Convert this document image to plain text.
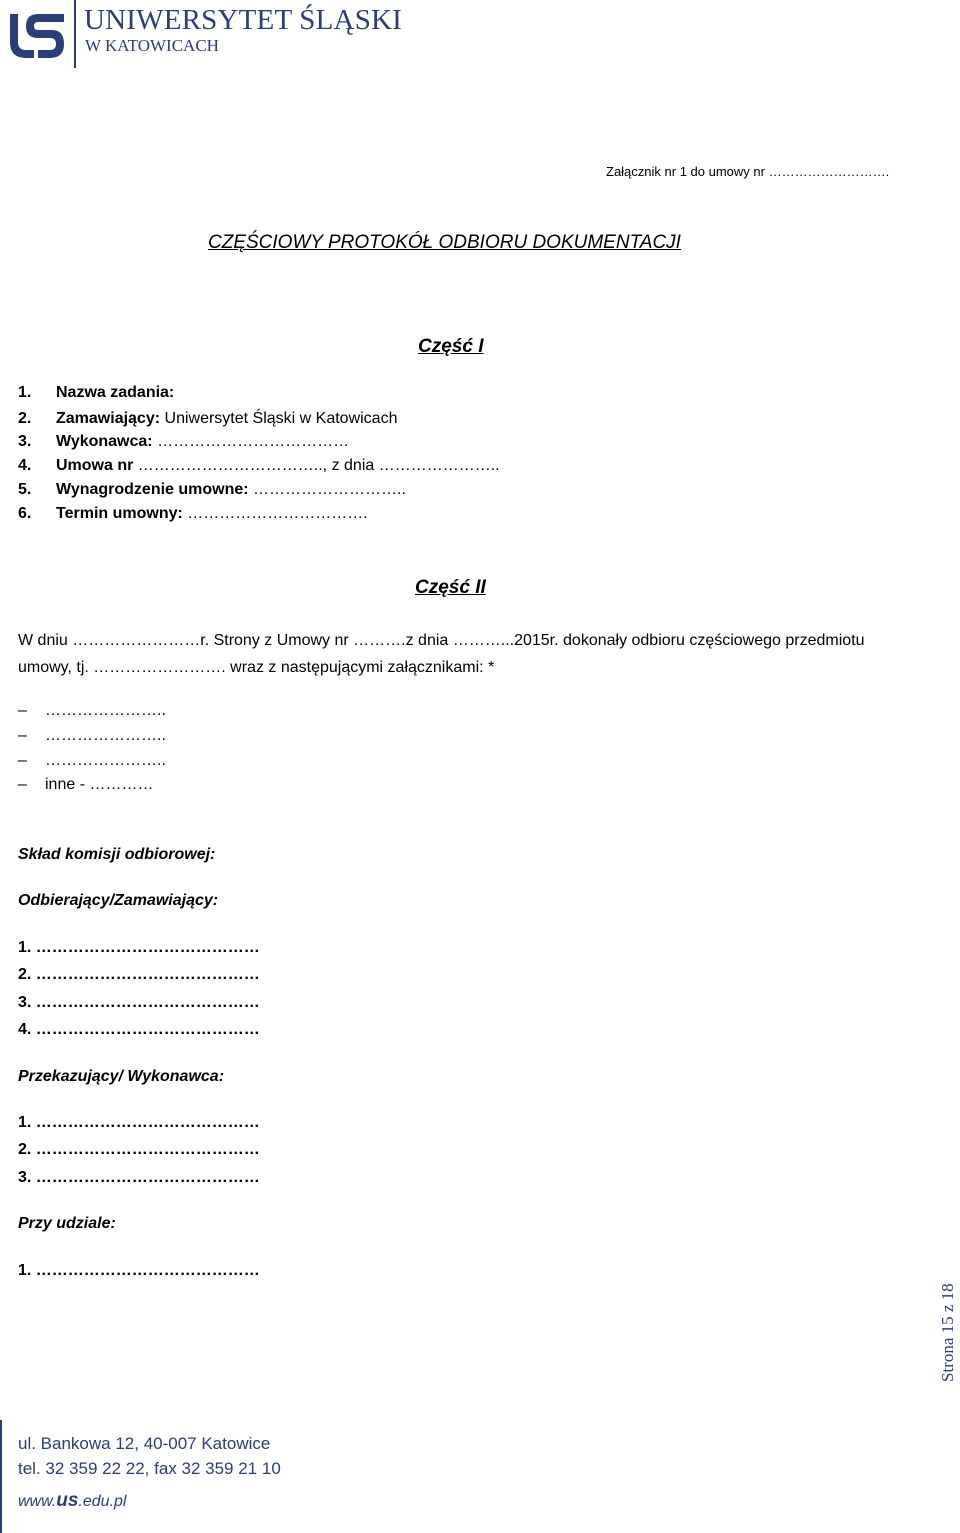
UNIWERSYTET ŚLĄSKI
W KATOWICACH
Załącznik nr 1 do umowy nr ……………………….
CZĘŚCIOWY PROTOKÓŁ ODBIORU DOKUMENTACJI
Część I
1. Nazwa zadania:
2. Zamawiający: Uniwersytet Śląski w Katowicach
3. Wykonawca: ………………………………
4. Umowa nr …………………………….., z dnia …………………..
5. Wynagrodzenie umowne: ………………………..
6. Termin umowny: …………………………….
Część II
W dniu ……………………r. Strony z Umowy nr ……….z dnia ………...2015r. dokonały odbioru częściowego przedmiotu umowy, tj. ……………………. wraz z następującymi załącznikami: *
– …………………..
– …………………..
– …………………..
– inne - …………
Skład komisji odbiorowej:
Odbierający/Zamawiający:
1. ……………………………………
2. ……………………………………
3. ……………………………………
4. ……………………………………
Przekazujący/ Wykonawca:
1. ……………………………………
2. ……………………………………
3. ……………………………………
Przy udziale:
1. ……………………………………
Strona 15 z 18
ul. Bankowa 12, 40-007 Katowice
tel. 32 359 22 22, fax 32 359 21 10
www.us.edu.pl
